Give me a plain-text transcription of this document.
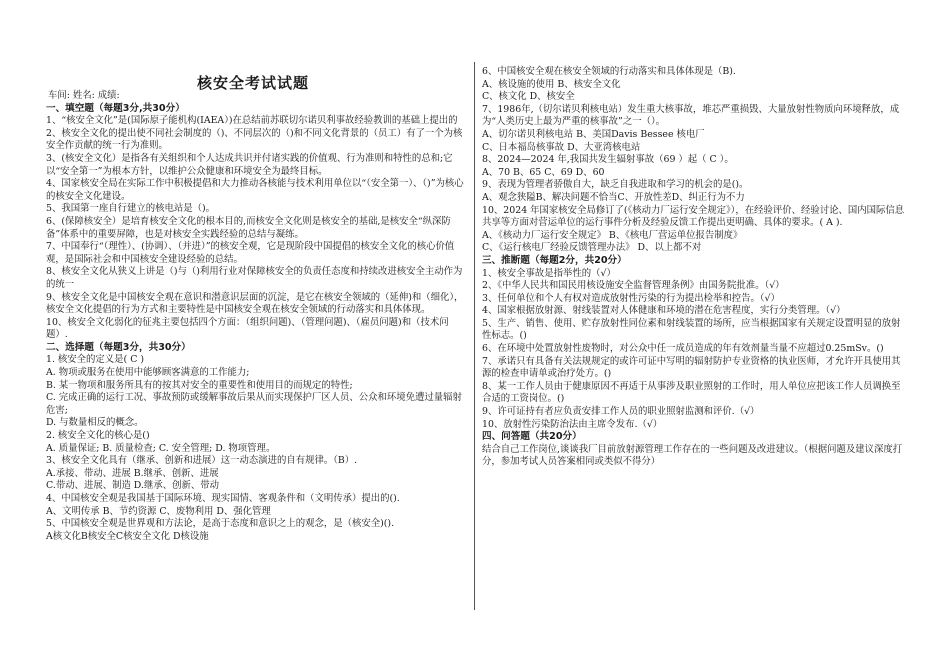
核安全考试试题
车间: 姓名: 成绩:
一、填空题（每题3分,共30分）
1、“核安全文化”是(国际原子能机构(IAEA）)在总结前苏联切尔诺贝利事故经验教训的基础上提出的
2、核安全文化的提出使不同社会制度的（)、不同层次的（)和不同文化背景的（员工）有了一个为核安全作贡献的统一行为准则。
3、(核安全文化）是指各有关组织和个人达成共识并付诸实践的价值观、行为准则和特性的总和;它以“安全第一”为根本方针，以维护公众健康和环境安全为最终目标。
4、国家核安全局在实际工作中积极提倡和大力推动各核能与技术利用单位以“（安全第一）、（)”为核心的核安全文化建设。
5、我国第一座自行建立的核电站是（)。
6、(保障核安全）是培育核安全文化的根本目的,而核安全文化则是核安全的基础,是核安全“纵深防备”体系中的重要屏障，也是对核安全实践经验的总结与凝练。
7、中国奉行“（理性）、(协调）、（并进）”的核安全观，它是现阶段中国提倡的核安全文化的核心价值观，是国际社会和中国核安全建设经验的总结。
8、核安全文化从狭义上讲是（)与（)利用行业对保障核安全的负责任态度和持续改进核安全主动作为的统一
9、核安全文化是中国核安全观在意识和潜意识层面的沉淀，是它在核安全领域的（延伸)和（细化），核安全文化提倡的行为方式和主要特性是中国核安全观在核安全领域的行动落实和具体体现。
10、核安全文化弱化的征兆主要包括四个方面：（组织问题)、（管理问题)、（雇员问题)和（技术问题）.
二、选择题（每题3分，共30分）
1. 核安全的定义是( C )
A. 物项或服务在使用中能够顾客满意的工作能力;
B. 某一物项和服务所具有的按其对安全的重要性和使用目的而规定的特性;
C. 完成正确的运行工况、事故预防或缓解事故后果从而实现保护厂区人员、公众和环境免遭过量辐射危害;
D. 与数量相反的概念。
2. 核安全文化的核心是()
A. 质量保证; B. 质量检查; C. 安全管理; D. 物项管理。
3、核安全文化具有（继承、创新和进展）这一动态演进的自有规律。（B）.
A.承接、带动、进展 B.继承、创新、进展
C.带动、进展、制造 D.继承、创新、带动
4、中国核安全观是我国基于国际环境、现实国情、客观条件和（文明传承）提出的().
A、文明传承 B、节约资源 C、废物利用 D、强化管理
5、中国核安全观是世界观和方法论，是高于态度和意识之上的观念，是（核安全)().
A核文化B核安全C核安全文化 D核设施
6、中国核安全观在核安全领域的行动落实和具体体现是（B).
A、核设施的使用 B、核安全文化
C、核文化 D、核安全
7、1986年,（切尔诺贝利核电站）发生重大核事故，堆芯严重损毁、大量放射性物质向环境释放，成为“人类历史上最为严重的核事故”之一（）。
A、切尔诺贝利核电站 B、美国Davis Bessee 核电厂
C、日本福岛核事故 D、大亚湾核电站
8、2024—2024 年,我国共发生辐射事故（69 ）起（ C ）。
A、70 B、65 C、69 D、60
9、表现为管理者骄傲自大，缺乏自我进取和学习的机会的是()。
A、观念狭隘B、解决问题不恰当C、开放性差D、纠正行为不力
10、2024 年国家核安全局修订了(《核动力厂运行安全规定》），在经验评价、经验讨论、国内国际信息共享等方面对营运单位的运行事件分析及经验反馈工作提出更明确、具体的要求。( A ).
A、《核动力厂运行安全规定》 B、《核电厂营运单位报告制度》
C、《运行核电厂经验反馈管理办法》 D、以上都不对
三、推断题（每题2分，共20分）
1、核安全事故是指举性的（√）
2、《中华人民共和国民用核设施安全监督管理条例》由国务院批准。（√）
3、任何单位和个人有权对造成放射性污染的行为提出检举和控告。（√）
4、国家根据放射源、射线装置对人体健康和环境的潜在危害程度，实行分类管理。（√）
5、生产、销售、使用、贮存放射性同位素和射线装置的场所，应当根据国家有关规定设置明显的放射性标志。()
6、在环境中处置放射性废物时，对公众中任一成员造成的年有效剂量当量不应超过0.25mSv。()
7、承诺只有具备有关法规规定的或许可证中写明的辐射防护专业资格的执业医师，才允许开具使用其源的检查申请单或治疗处方。()
8、某一工作人员由于健康原因不再适于从事涉及职业照射的工作时，用人单位应把该工作人员调换至合适的工资岗位。()
9、许可证持有者应负责安排工作人员的职业照射监测和评价.（√）
10、放射性污染防治法由主席令发布.（√）
四、问答题（共20分）
结合自己工作岗位,谈谈我厂目前放射源管理工作存在的一些问题及改进建议。（根据问题及建议深度打分，参加考试人员答案相同或类似不得分）
